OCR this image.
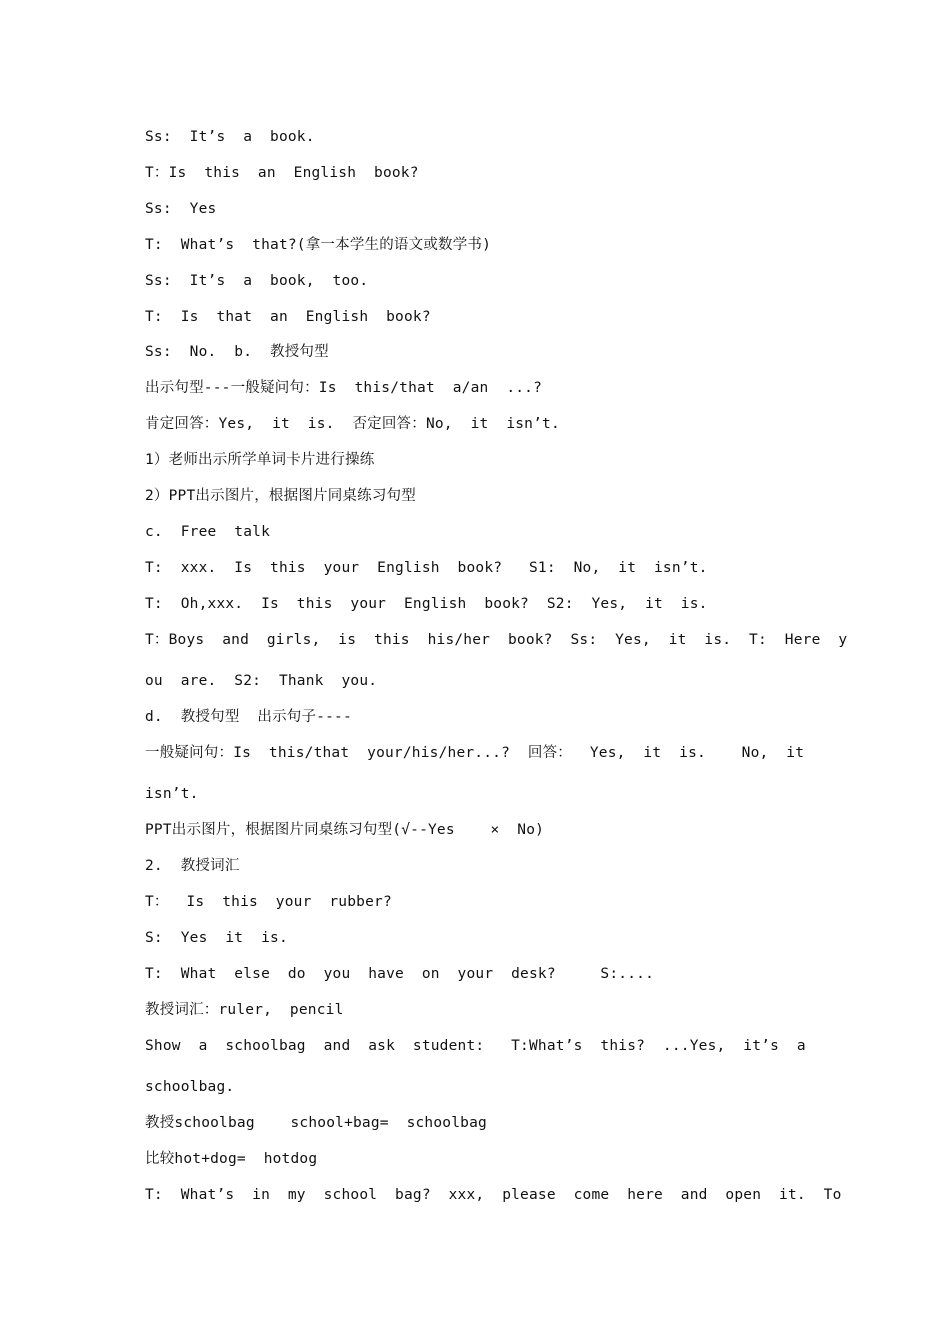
Ss:  It’s  a  book.
T：Is  this  an  English  book?
Ss:  Yes
T:  What’s  that?(拿一本学生的语文或数学书)
Ss:  It’s  a  book,  too.
T:  Is  that  an  English  book?
Ss:  No.  b.  教授句型
出示句型---一般疑问句：Is  this/that  a/an  ...?
肯定回答：Yes,  it  is.  否定回答：No,  it  isn’t.
1）老师出示所学单词卡片进行操练
2）PPT出示图片，根据图片同桌练习句型
c.  Free  talk
T:  xxx.  Is  this  your  English  book?   S1:  No,  it  isn’t.
T:  Oh,xxx.  Is  this  your  English  book?  S2:  Yes,  it  is.
T：Boys  and  girls,  is  this  his/her  book?  Ss:  Yes,  it  is.  T:  Here  y
ou  are.  S2:  Thank  you.
d.  教授句型  出示句子----
一般疑问句：Is  this/that  your/his/her...?  回答：  Yes,  it  is.    No,  it
isn’t.
PPT出示图片，根据图片同桌练习句型(√--Yes    ×  No)
2.  教授词汇
T：  Is  this  your  rubber?
S:  Yes  it  is.
T:  What  else  do  you  have  on  your  desk?     S:....
教授词汇：ruler,  pencil
Show  a  schoolbag  and  ask  student:   T:What’s  this?  ...Yes,  it’s  a
schoolbag.
教授schoolbag    school+bag=  schoolbag
比较hot+dog=  hotdog
T:  What’s  in  my  school  bag?  xxx,  please  come  here  and  open  it.  To
